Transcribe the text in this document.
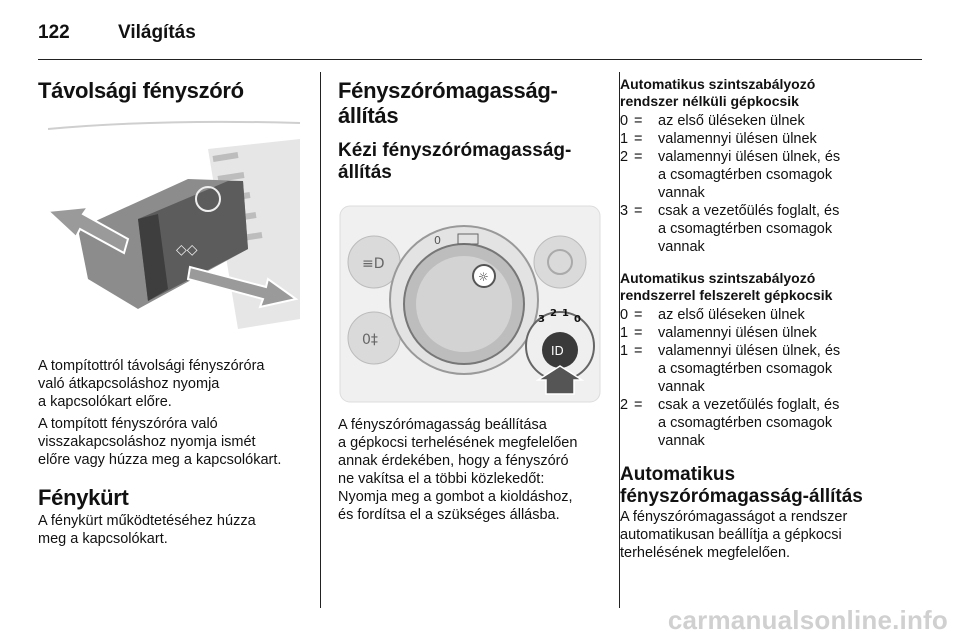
122	Világítás
Távolsági fényszóró
◇◇
A tompítottról távolsági fényszóróra
való átkapcsoláshoz nyomja
a kapcsolókart előre.
A tompított fényszóróra való
visszakapcsoláshoz nyomja ismét
előre vagy húzza meg a kapcsolókart.
Fénykürt
A fénykürt működtetéséhez húzza
meg a kapcsolókart.
Fényszórómagasság-
állítás
Kézi fényszórómagasság-
állítás
≡D
0‡
0
☼
3
2 1
0
ID
A fényszórómagasság beállítása
a gépkocsi terhelésének megfelelően
annak érdekében, hogy a fényszóró
ne vakítsa el a többi közlekedőt:
Nyomja meg a gombot a kioldáshoz,
és fordítsa el a szükséges állásba.
Automatikus szintszabályozó
rendszer nélküli gépkocsik
0 =	az első üléseken ülnek
1 =	valamennyi ülésen ülnek
2 =	valamennyi ülésen ülnek, és
a csomagtérben csomagok
vannak
3 =	csak a vezetőülés foglalt, és
a csomagtérben csomagok
vannak
Automatikus szintszabályozó
rendszerrel felszerelt gépkocsik
0 =	az első üléseken ülnek
1 =	valamennyi ülésen ülnek
1 =	valamennyi ülésen ülnek, és
a csomagtérben csomagok
vannak
2 =	csak a vezetőülés foglalt, és
a csomagtérben csomagok
vannak
Automatikus
fényszórómagasság-állítás
A fényszórómagasságot a rendszer
automatikusan beállítja a gépkocsi
terhelésének megfelelően.
carmanualsonline.info
